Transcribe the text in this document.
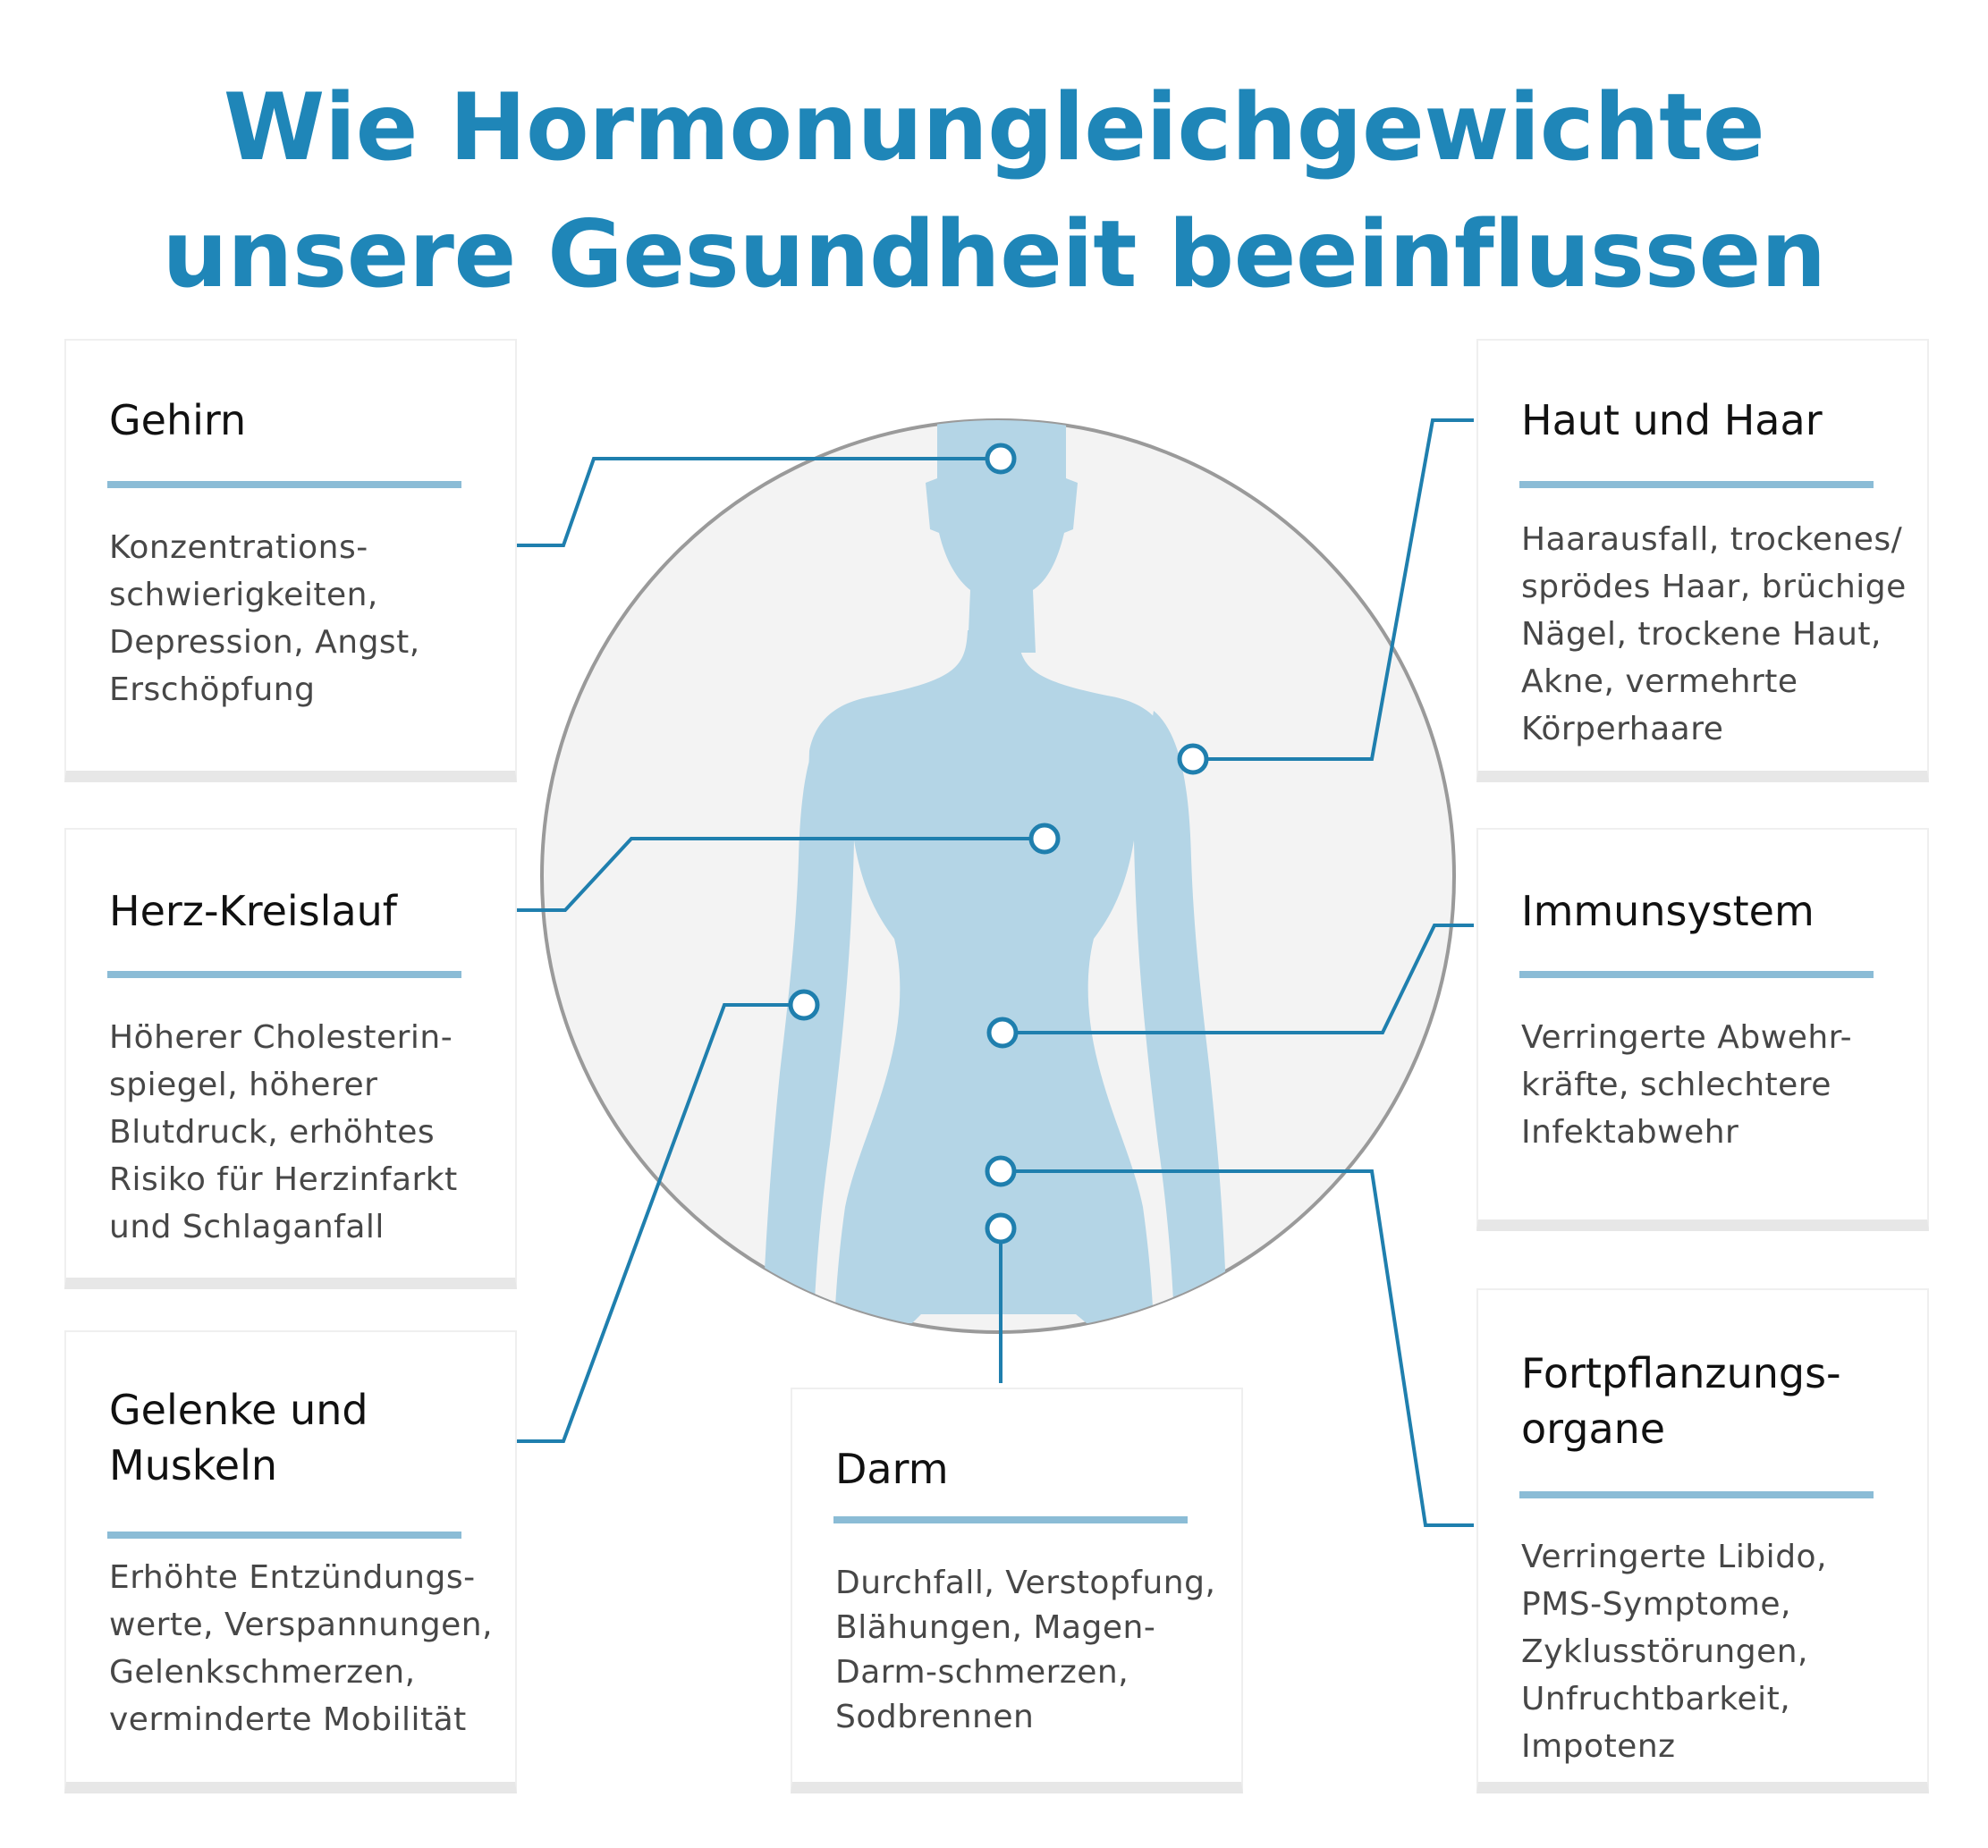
Wie Hormonungleichgewichte
unsere Gesundheit beeinflussen
Gehirn

Konzentrations-
schwierigkeiten,
Depression, Angst,
Erschöpfung

Herz-Kreislauf

Höherer Cholesterin-
spiegel, höherer
Blutdruck, erhöhtes
Risiko für Herzinfarkt
und Schlaganfall

Gelenke und
Muskeln

Erhöhte Entzündungs-
werte, Verspannungen,
Gelenkschmerzen,
verminderte Mobilität

Darm

Durchfall, Verstopfung,
Blähungen, Magen-
Darm-schmerzen,
Sodbrennen

Haut und Haar

Haarausfall, trockenes/
sprödes Haar, brüchige
Nägel, trockene Haut,
Akne, vermehrte
Körperhaare

Immunsystem

Verringerte Abwehr-
kräfte, schlechtere
Infektabwehr

Fortpflanzungs-
organe

Verringerte Libido,
PMS-Symptome,
Zyklusstörungen,
Unfruchtbarkeit,
Impotenz
